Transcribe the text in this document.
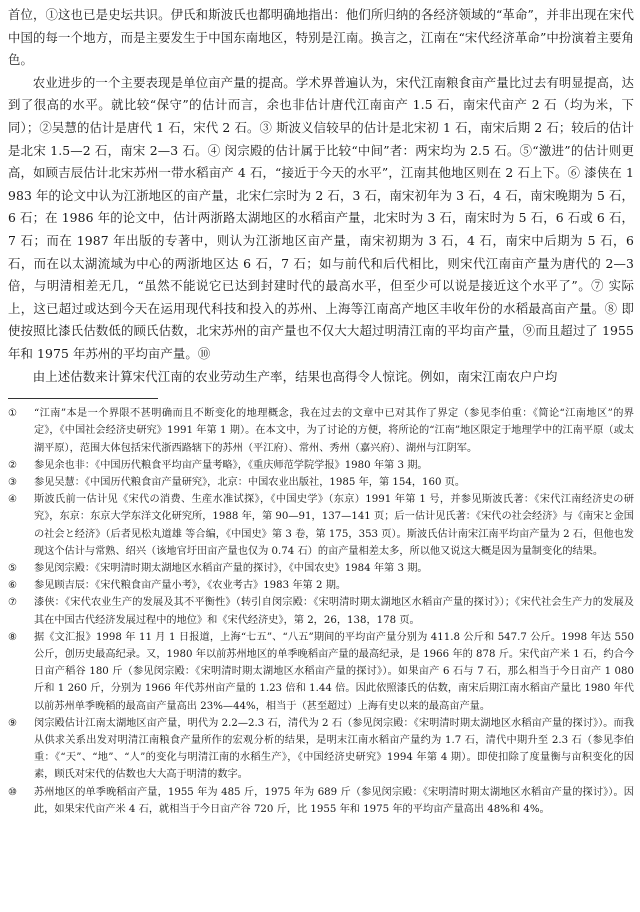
首位，①这也已是史坛共识。伊氏和斯波氏也都明确地指出：他们所归纳的各经济领域的“革命”，并非出现在宋代中国的每一个地方，而是主要发生于中国东南地区，特别是江南。换言之，江南在“宋代经济革命”中扮演着主要角色。

农业进步的一个主要表现是单位亩产量的提高。学术界普遍认为，宋代江南粮食亩产量比过去有明显提高，达到了很高的水平。就比较“保守”的估计而言，余也非估计唐代江南亩产 1.5 石，南宋代亩产 2 石（均为米，下同）；②吴慧的估计是唐代 1 石，宋代 2 石。③ 斯波义信较早的估计是北宋初 1 石，南宋后期 2 石；较后的估计是北宋 1.5—2 石，南宋 2—3 石。④ 闵宗殿的估计属于比较“中间”者：两宋均为 2.5 石。⑤“激进”的估计则更高，如顾吉辰估计北宋苏州一带水稻亩产 4 石，“接近于今天的水平”，江南其他地区则在 2 石上下。⑥ 漆侠在 1983 年的论文中认为江浙地区的亩产量，北宋仁宗时为 2 石，3 石，南宋初年为 3 石，4 石，南宋晚期为 5 石，6 石；在 1986 年的论文中，估计两浙路太湖地区的水稻亩产量，北宋时为 3 石，南宋时为 5 石，6 石或 6 石，7 石；而在 1987 年出版的专著中，则认为江浙地区亩产量，南宋初期为 3 石，4 石，南宋中后期为 5 石，6 石，而在以太湖流域为中心的两浙地区达 6 石，7 石；如与前代和后代相比，则宋代江南亩产量为唐代的 2—3 倍，与明清相差无几，“虽然不能说它已达到封建时代的最高水平，但至少可以说是接近这个水平了”。⑦ 实际上，这已超过或达到今天在运用现代科技和投入的苏州、上海等江南高产地区丰收年份的水稻最高亩产量。⑧ 即使按照比漆氏估数低的顾氏估数，北宋苏州的亩产量也不仅大大超过明清江南的平均亩产量，⑨而且超过了 1955 年和 1975 年苏州的平均亩产量。⑩

由上述估数来计算宋代江南的农业劳动生产率，结果也高得令人惊诧。例如，南宋江南农户户均

①	“江南”本是一个界限不甚明确而且不断变化的地理概念，我在过去的文章中已对其作了界定（参见李伯重：《简论“江南地区”的界定》，《中国社会经济史研究》1991 年第 1 期）。在本文中，为了讨论的方便，将所论的“江南”地区限定于地理学中的江南平原（或太湖平原），范围大体包括宋代浙西路辖下的苏州（平江府）、常州、秀州（嘉兴府）、湖州与江阴军。
②	参见余也非：《中国历代粮食平均亩产量考略》，《重庆师范学院学报》1980 年第 3 期。
③	参见吴慧：《中国历代粮食亩产量研究》，北京：中国农业出版社，1985 年，第 154，160 页。
④	斯波氏前一估计见《宋代の消费、生産水准试探》，《中国史学》（东京）1991 年第 1 号，并参见斯波氏著：《宋代江南经济史の研究》，东京：东京大学东洋文化研究所，1988 年，第 90—91，137—141 页；后一估计见氏著：《宋代の社会经济》与《南宋と金国の社会と经济》（后者见松丸道雄 等合编，《中国史》第 3 卷，第 175，353 页）。斯波氏估计南宋江南平均亩产量为 2 石，但他也发现这个估计与常熟、绍兴（该地官圩田亩产量也仅为 0.74 石）的亩产量相差太多，所以他又说这大概是因为量制变化的结果。
⑤	参见闵宗殿：《宋明清时期太湖地区水稻亩产量的探讨》，《中国农史》1984 年第 3 期。
⑥	参见顾吉辰：《宋代粮食亩产量小考》，《农业考古》1983 年第 2 期。
⑦	漆侠：《宋代农业生产的发展及其不平衡性》（转引自闵宗殿：《宋明清时期太湖地区水稻亩产量的探讨》）；《宋代社会生产力的发展及其在中国古代经济发展过程中的地位》和《宋代经济史》，第 2，26，138，178 页。
⑧	据《文汇报》1998 年 11 月 1 日报道，上海“七五”、“八五”期间的平均亩产量分别为 411.8 公斤和 547.7 公斤。1998 年达 550 公斤，创历史最高纪录。又，1980 年以前苏州地区的单季晚稻亩产量的最高纪录，是 1966 年的 878 斤。宋代亩产米 1 石，约合今日亩产稻谷 180 斤（参见闵宗殿：《宋明清时期太湖地区水稻亩产量的探讨》）。如果亩产 6 石与 7 石，那么相当于今日亩产 1 080 斤和 1 260 斤，分别为 1966 年代苏州亩产量的 1.23 倍和 1.44 倍。因此依照漆氏的估数，南宋后期江南水稻亩产量比 1980 年代以前苏州单季晚稻的最高亩产量高出 23%—44%，相当于（甚至超过）上海有史以来的最高亩产量。
⑨	闵宗殿估计江南太湖地区亩产量，明代为 2.2—2.3 石，清代为 2 石（参见闵宗殿：《宋明清时期太湖地区水稻亩产量的探讨》）。而我从供求关系出发对明清江南粮食产量所作的宏观分析的结果，是明末江南水稻亩产量约为 1.7 石，清代中期升至 2.3 石（参见李伯重：《“天”、“地”、“人”的变化与明清江南的水稻生产》，《中国经济史研究》1994 年第 4 期）。即使扣除了度量衡与亩积变化的因素，顾氏对宋代的估数也大大高于明清的数字。
⑩	苏州地区的单季晚稻亩产量，1955 年为 485 斤，1975 年为 689 斤（参见闵宗殿：《宋明清时期太湖地区水稻亩产量的探讨》）。因此，如果宋代亩产米 4 石，就相当于今日亩产谷 720 斤，比 1955 年和 1975 年的平均亩产量高出 48%和 4%。
